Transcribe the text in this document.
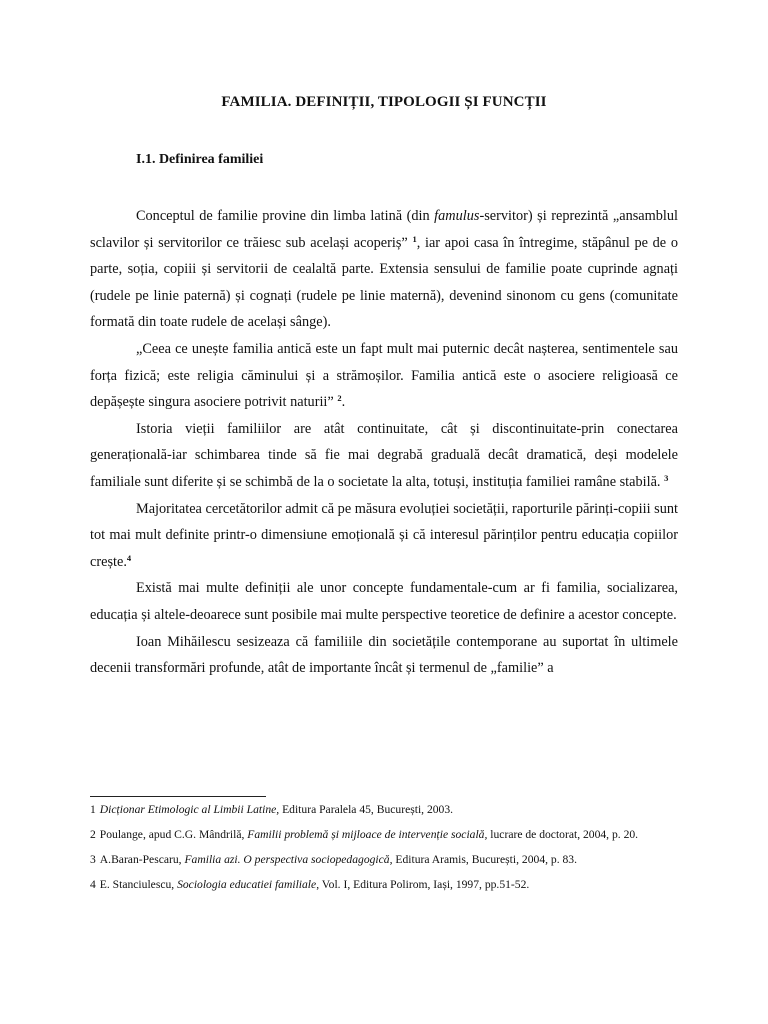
FAMILIA. DEFINIȚII, TIPOLOGII ȘI FUNCȚII
I.1. Definirea familiei

Conceptul de familie provine din limba latină (din famulus-servitor) și reprezintă „ansamblul sclavilor și servitorilor ce trăiesc sub același acoperiș” $^1$, iar apoi casa în întregime, stăpânul pe de o parte, soția, copiii și servitorii de cealaltă parte. Extensia sensului de familie poate cuprinde agnați (rudele pe linie paternă) și cognați (rudele pe linie maternă), devenind sinonom cu gens (comunitate formată din toate rudele de același sânge).

„Ceea ce unește familia antică este un fapt mult mai puternic decât nașterea, sentimentele sau forța fizică; este religia căminului și a strămoșilor. Familia antică este o asociere religioasă ce depășește singura asociere potrivit naturii” $^2$.

Istoria vieții familiilor are atât continuitate, cât și discontinuitate-prin conectarea generațională-iar schimbarea tinde să fie mai degrabă graduală decât dramatică, deși modelele familiale sunt diferite și se schimbă de la o societate la alta, totuși, instituția familiei ramâne stabilă. $^3$

Majoritatea cercetătorilor admit că pe măsura evoluției societății, raporturile părinți-copiii sunt tot mai mult definite printr-o dimensiune emoțională și că interesul părinților pentru educația copiilor crește.$^4$

Există mai multe definiții ale unor concepte fundamentale-cum ar fi familia, socializarea, educația și altele-deoarece sunt posibile mai multe perspective teoretice de definire a acestor concepte.

Ioan Mihăilescu sesizeaza că familiile din societățile contemporane au suportat în ultimele decenii transformări profunde, atât de importante încât și termenul de „familie” a

1 Dicționar Etimologic al Limbii Latine, Editura Paralela 45, București, 2003.
2 Poulange, apud C.G. Mândrilă, Familii problemă și mijloace de intervenție socială, lucrare de doctorat, 2004, p. 20.
3 A.Baran-Pescaru, Familia azi. O perspectiva sociopedagogică, Editura Aramis, București, 2004, p. 83.
4 E. Stanciulescu, Sociologia educatiei familiale, Vol. I, Editura Polirom, Iași, 1997, pp.51-52.
